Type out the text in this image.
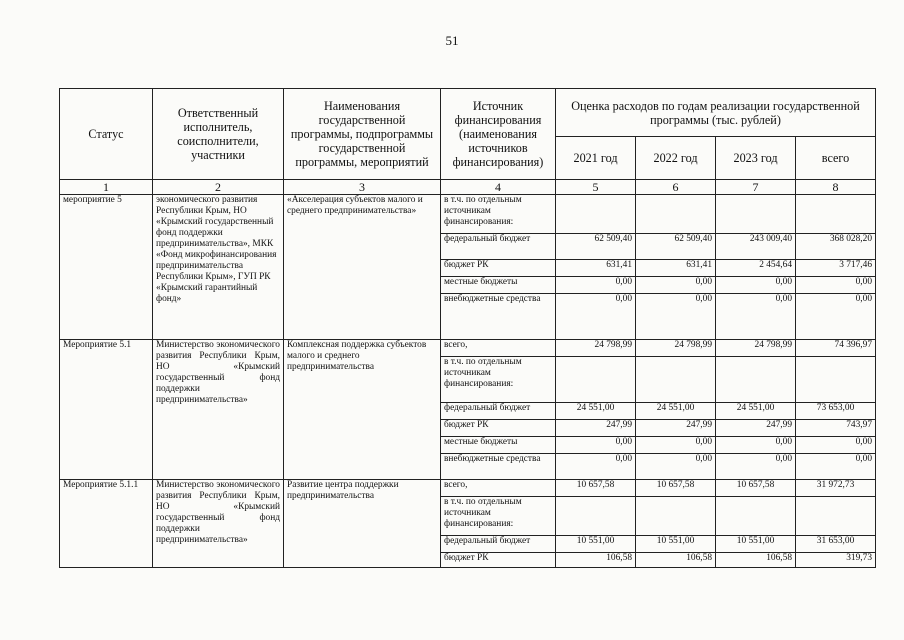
51
Статус	Ответственный исполнитель, соисполнители, участники	Наименования государственной программы, подпрограммы государственной программы, мероприятий	Источник финансирования (наименования источников финансирования)	Оценка расходов по годам реализации государственной программы (тыс. рублей)			
				2021 год	2022 год	2023 год	всего
1	2	3	4	5	6	7	8
мероприятие 5	экономического развития Республики Крым, НО «Крымский государственный фонд поддержки предпринимательства», МКК «Фонд микрофинансирования предпринимательства Республики Крым», ГУП РК «Крымский гарантийный фонд»	«Акселерация субъектов малого и среднего предпринимательства»	в т.ч. по отдельным источникам финансирования:				
			федеральный бюджет	62 509,40	62 509,40	243 009,40	368 028,20
			бюджет РК	631,41	631,41	2 454,64	3 717,46
			местные бюджеты	0,00	0,00	0,00	0,00
			внебюджетные средства	0,00	0,00	0,00	0,00
Мероприятие 5.1	Министерство экономического развития Республики Крым, НО «Крымский государственный фонд поддержки предпринимательства»	Комплексная поддержка субъектов малого и среднего предпринимательства	всего,	24 798,99	24 798,99	24 798,99	74 396,97
			в т.ч. по отдельным источникам финансирования:				
			федеральный бюджет	24 551,00	24 551,00	24 551,00	73 653,00
			бюджет РК	247,99	247,99	247,99	743,97
			местные бюджеты	0,00	0,00	0,00	0,00
			внебюджетные средства	0,00	0,00	0,00	0,00
Мероприятие 5.1.1	Министерство экономического развития Республики Крым, НО «Крымский государственный фонд поддержки предпринимательства»	Развитие центра поддержки предпринимательства	всего,	10 657,58	10 657,58	10 657,58	31 972,73
			в т.ч. по отдельным источникам финансирования:				
			федеральный бюджет	10 551,00	10 551,00	10 551,00	31 653,00
			бюджет РК	106,58	106,58	106,58	319,73
